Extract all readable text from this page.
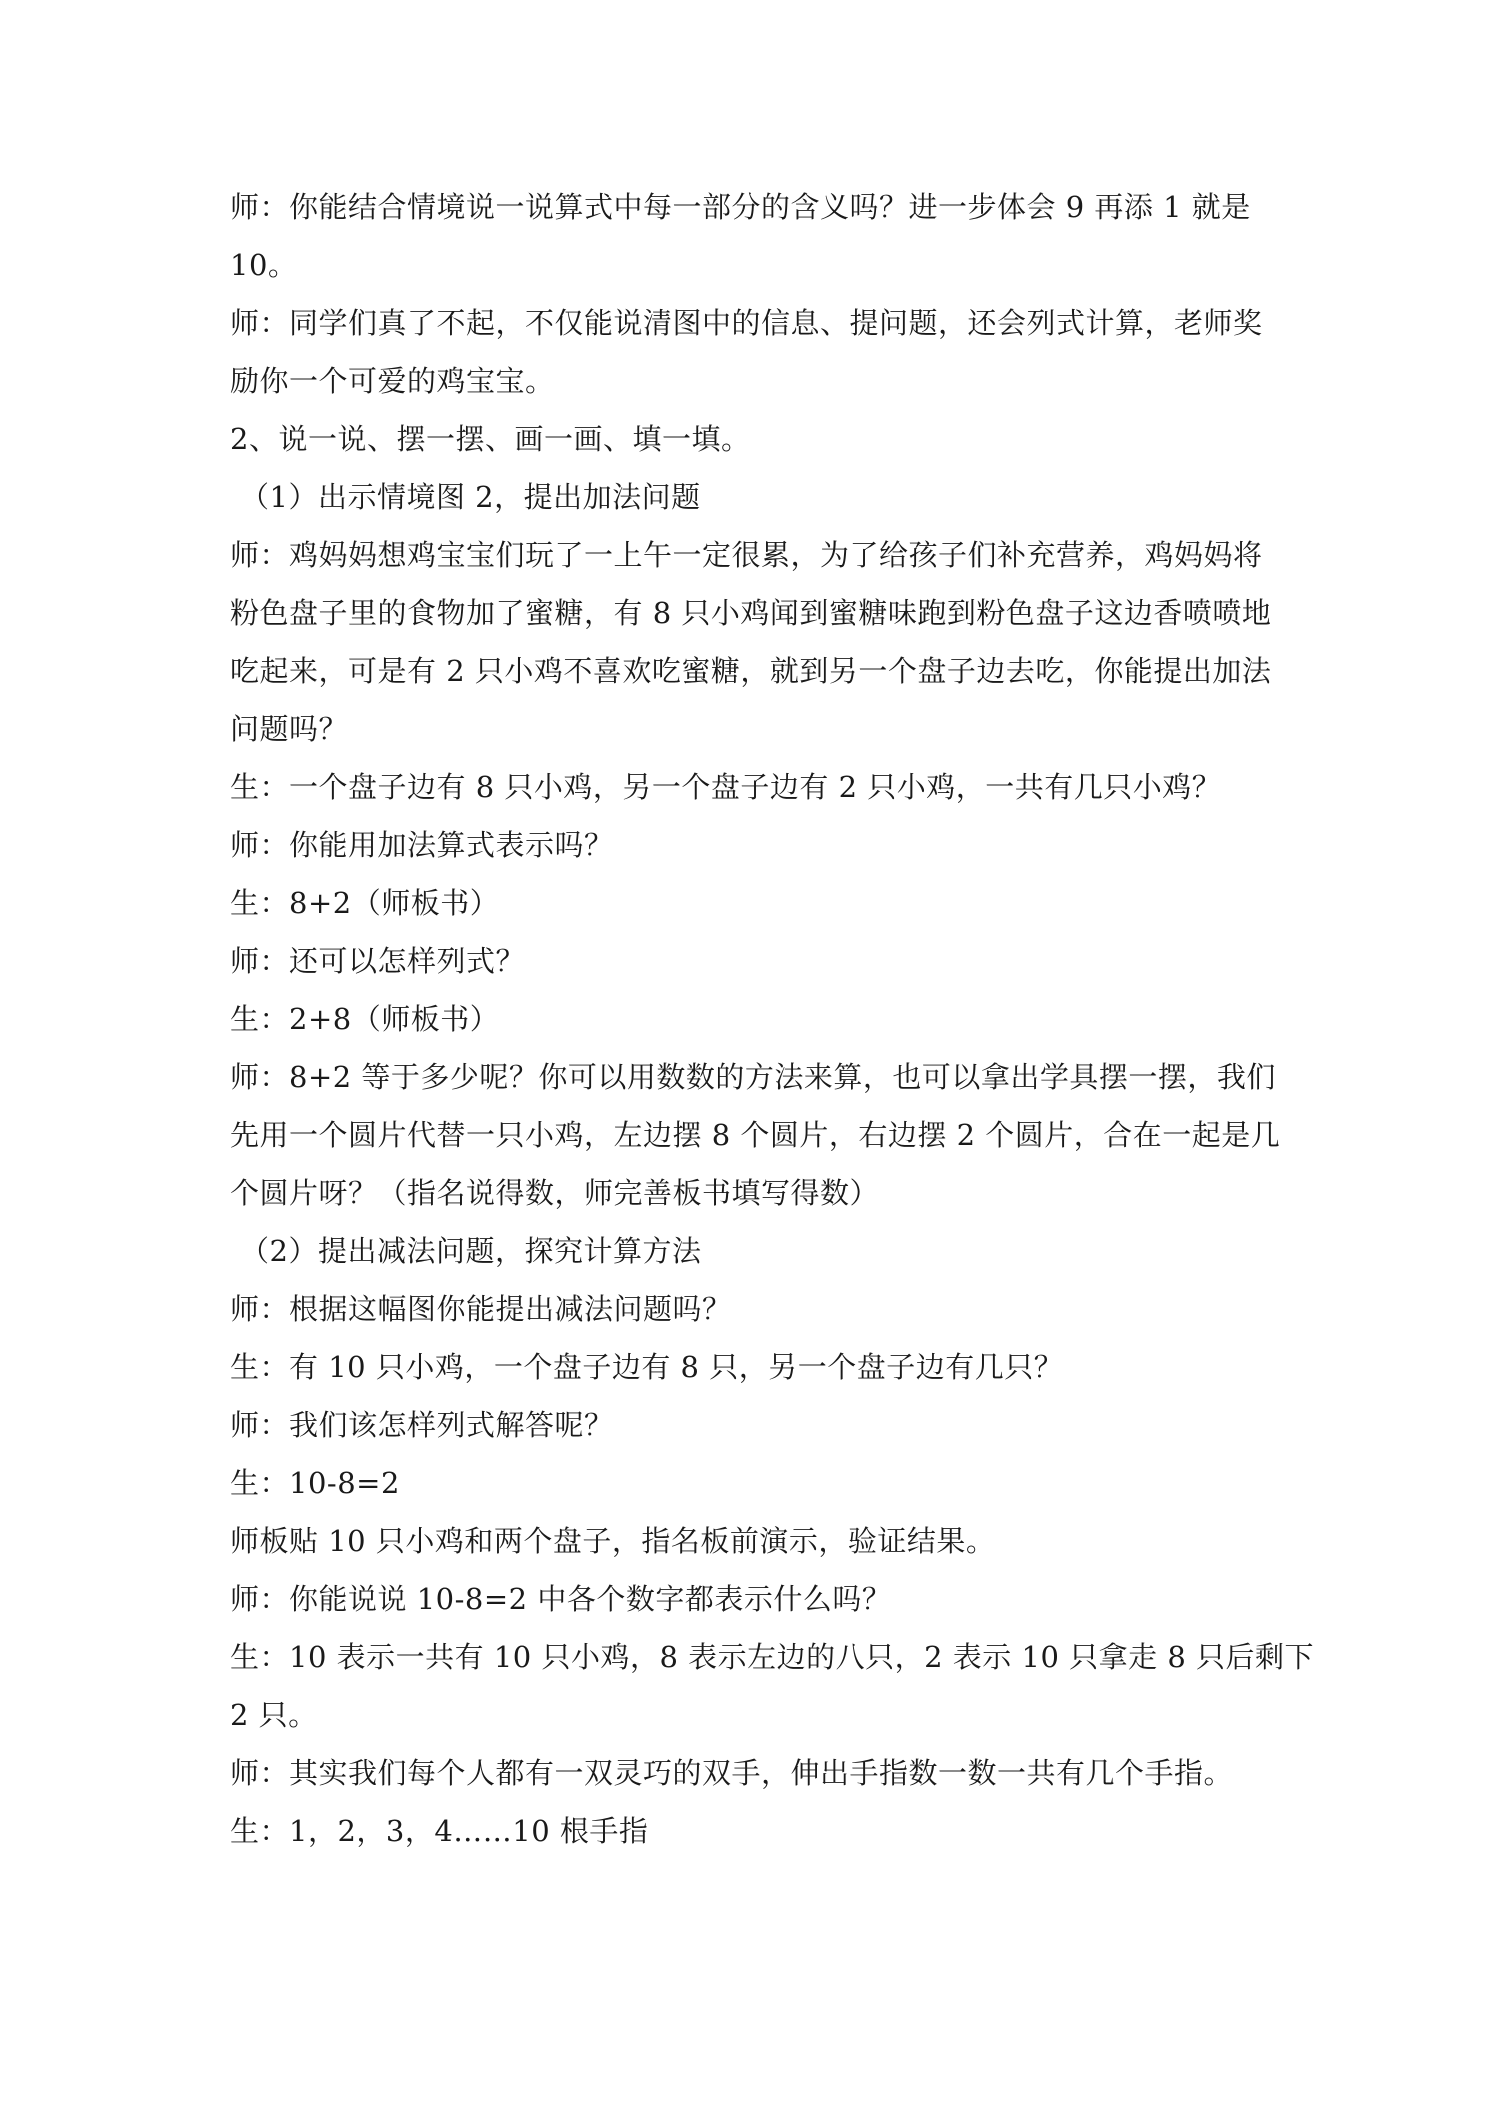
师：你能结合情境说一说算式中每一部分的含义吗？进一步体会 9 再添 1 就是
10。
师：同学们真了不起，不仅能说清图中的信息、提问题，还会列式计算，老师奖
励你一个可爱的鸡宝宝。
2、说一说、摆一摆、画一画、填一填。
（1）出示情境图 2，提出加法问题
师：鸡妈妈想鸡宝宝们玩了一上午一定很累，为了给孩子们补充营养，鸡妈妈将
粉色盘子里的食物加了蜜糖，有 8 只小鸡闻到蜜糖味跑到粉色盘子这边香喷喷地
吃起来，可是有 2 只小鸡不喜欢吃蜜糖，就到另一个盘子边去吃，你能提出加法
问题吗？
生：一个盘子边有 8 只小鸡，另一个盘子边有 2 只小鸡，一共有几只小鸡？
师：你能用加法算式表示吗？
生：8+2（师板书）
师：还可以怎样列式？
生：2+8（师板书）
师：8+2 等于多少呢？你可以用数数的方法来算，也可以拿出学具摆一摆，我们
先用一个圆片代替一只小鸡，左边摆 8 个圆片，右边摆 2 个圆片，合在一起是几
个圆片呀？（指名说得数，师完善板书填写得数）
（2）提出减法问题，探究计算方法
师：根据这幅图你能提出减法问题吗？
生：有 10 只小鸡，一个盘子边有 8 只，另一个盘子边有几只？
师：我们该怎样列式解答呢？
生：10-8=2
师板贴 10 只小鸡和两个盘子，指名板前演示，验证结果。
师：你能说说 10-8=2 中各个数字都表示什么吗？
生：10 表示一共有 10 只小鸡，8 表示左边的八只，2 表示 10 只拿走 8 只后剩下
2 只。
师：其实我们每个人都有一双灵巧的双手，伸出手指数一数一共有几个手指。
生：1，2，3，4……10 根手指
